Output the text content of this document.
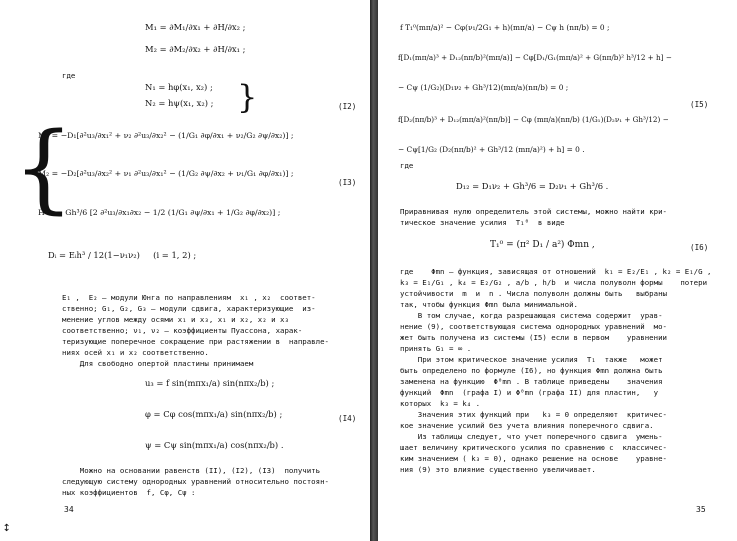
M₁ = ∂M₁/∂x₁ + ∂H/∂x₂ ;
M₂ = ∂M₂/∂x₂ + ∂H/∂x₁ ;
где
N₁ = hφ(x₁, x₂) ;
N₂ = hψ(x₁, x₂) ; }	(I2)
{
M₁ = −D₁[∂²u₃/∂x₁² + ν₂ ∂²u₃/∂x₂² − (1/G₁ ∂φ/∂x₁ + ν₂/G₂ ∂ψ/∂x₂)] ;
M₂ = −D₂[∂²u₃/∂x₂² + ν₁ ∂²u₃/∂x₁² − (1/G₂ ∂ψ/∂x₂ + ν₁/G₁ ∂φ/∂x₁)] ;
H = − Gh³/6 [2 ∂²u₃/∂x₁∂x₂ − 1/2 (1/G₁ ∂ψ/∂x₁ + 1/G₂ ∂φ/∂x₂)] ;
(I3)
Dᵢ = Eᵢh³ / 12(1−ν₁ν₂)     (i = 1, 2) ;
E₁ ,  E₂ – модули Юнга по направлениям  x₁ , x₂  соответ-
ственно; G₁, G₂, G₃ – модули сдвига, характеризующие  из-
менение углов между осями x₁ и x₃, x₁ и x₂, x₂ и x₃
соответственно; ν₁, ν₂ – коэффициенты Пуассона, харак-
теризующие поперечное сокращение при растяжении в  направле-
ниях осей x₁ и x₂ соответственно.
Для свободно опертой пластины принимаем
u₃ = f sin(mπx₁/a) sin(nπx₂/b) ;
φ = Cφ cos(mπx₁/a) sin(nπx₂/b) ;
ψ = Cψ sin(mπx₁/a) cos(nπx₂/b) .
(I4)
Можно на основании равенств (II), (I2), (I3)  получить
следующую систему однородных уравнений относительно постоян-
ных коэффициентов  f, Cφ, Cψ :
34
↔
f T₁⁰(mπ/a)² − Cφ(ν₁/2G₁ + h)(mπ/a) − Cψ h (nπ/b) = 0 ;
f[D₁(mπ/a)³ + D₁₂(nπ/b)²(mπ/a)] − Cφ[D₁/G₁(mπ/a)² + G(nπ/b)² h³/12 + h] −
− Cψ (1/G₂)(D₁ν₂ + Gh³/12)(mπ/a)(nπ/b) = 0 ;
f[D₂(nπ/b)³ + D₁₂(mπ/a)²(nπ/b)] − Cφ (mπ/a)(nπ/b) (1/G₁)(D₂ν₁ + Gh³/12) −
− Cψ[1/G₂ (D₂(nπ/b)² + Gh³/12 (mπ/a)²) + h] = 0 .
(I5)
где
D₁₂ = D₁ν₂ + Gh³/6 = D₂ν₁ + Gh³/6 .
Приравнивая нулю определитель этой системы, можно найти кри-
тическое значение усилия  T₁⁰  в виде
T₁⁰ = (π² D₁ / a²) Φmn ,	(I6)
где    Φmn – функция, зависящая от отношений  k₁ = E₂/E₁ , k₂ = E₁/G ,
k₃ = E₁/G₁ , k₄ = E₂/G₂ , a/b , h/b  и числа полуволн формы    потери
устойчивости  m  и  n . Числа полуволн должны быть   выбраны
так, чтобы функция Φmn была минимальной.
В том случае, когда разрешающая система содержит  урав-
нение (9), соответствующая система однородных уравнений  мо-
жет быть получена из системы (I5) если в первом    уравнении
принять G₁ = ∞ .
При этом критическое значение усилия  T₁  также   может
быть определено по формуле (I6), но функция Φmn должна быть
заменена на функцию  Φ⁰mn . В таблице приведены    значения
функций  Φmn  (графа I) и Φ⁰mn (графа II) для пластин,   у
которых  k₃ = k₄ .
Значения этих функций при   k₃ = 0 определяют  критичес-
кое значение усилий без учета влияния поперечного сдвига.
Из таблицы следует, что учет поперечного сдвига  умень-
шает величину критического усилия по сравнению с  классичес-
ким значением ( k₃ = 0), однако решение на основе    уравне-
ния (9) это влияние существенно увеличивает.
35
